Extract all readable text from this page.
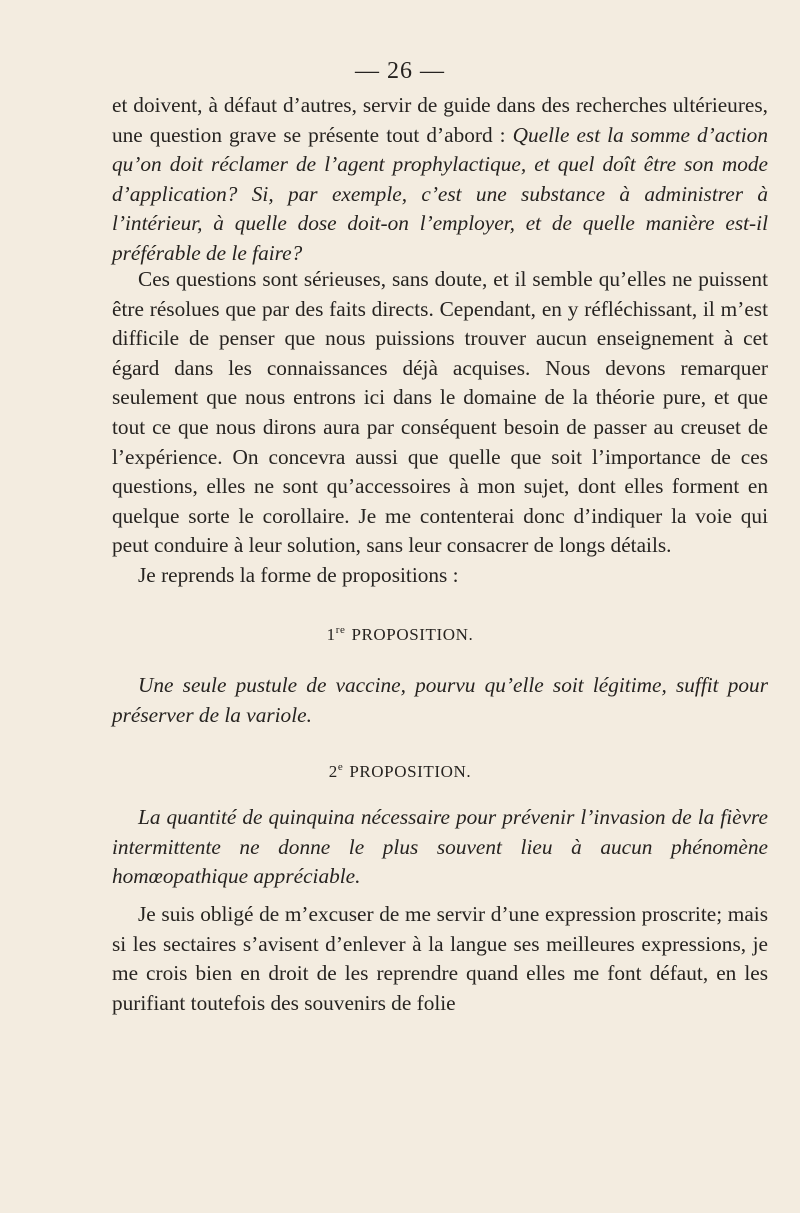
— 26 —

et doivent, à défaut d’autres, servir de guide dans des recherches ultérieures, une question grave se présente tout d’abord : Quelle est la somme d’action qu’on doit réclamer de l’agent prophylactique, et quel doît être son mode d’application? Si, par exemple, c’est une substance à administrer à l’intérieur, à quelle dose doit-on l’employer, et de quelle manière est-il préférable de le faire?

Ces questions sont sérieuses, sans doute, et il semble qu’elles ne puissent être résolues que par des faits directs. Cependant, en y réfléchissant, il m’est difficile de penser que nous puissions trouver aucun enseignement à cet égard dans les connaissances déjà acquises. Nous devons remarquer seulement que nous entrons ici dans le domaine de la théorie pure, et que tout ce que nous dirons aura par conséquent besoin de passer au creuset de l’expérience. On concevra aussi que quelle que soit l’importance de ces questions, elles ne sont qu’accessoires à mon sujet, dont elles forment en quelque sorte le corollaire. Je me contenterai donc d’indiquer la voie qui peut conduire à leur solution, sans leur consacrer de longs détails.

Je reprends la forme de propositions :

1re PROPOSITION.

Une seule pustule de vaccine, pourvu qu’elle soit légitime, suffit pour préserver de la variole.

2e PROPOSITION.

La quantité de quinquina nécessaire pour prévenir l’invasion de la fièvre intermittente ne donne le plus souvent lieu à aucun phénomène homœopathique appréciable.

Je suis obligé de m’excuser de me servir d’une expression proscrite; mais si les sectaires s’avisent d’enlever à la langue ses meilleures expressions, je me crois bien en droit de les reprendre quand elles me font défaut, en les purifiant toutefois des souvenirs de folie
